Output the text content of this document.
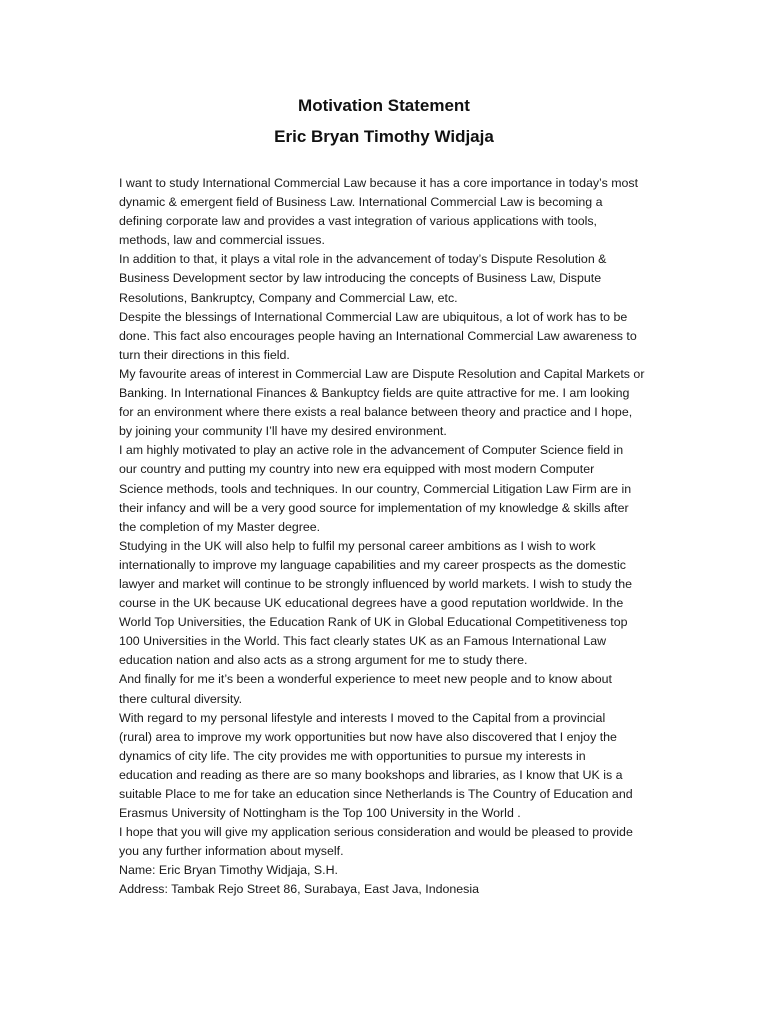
Motivation Statement
Eric Bryan Timothy Widjaja
I want to study International Commercial Law because it has a core importance in today’s most
dynamic & emergent field of Business Law. International Commercial Law is becoming a
defining corporate law and provides a vast integration of various applications with tools,
methods, law and commercial issues.
In addition to that, it plays a vital role in the advancement of today’s Dispute Resolution &
Business Development sector by law introducing the concepts of Business Law, Dispute
Resolutions, Bankruptcy, Company and Commercial Law, etc.
Despite the blessings of International Commercial Law are ubiquitous, a lot of work has to be
done. This fact also encourages people having an International Commercial Law awareness to
turn their directions in this field.
My favourite areas of interest in Commercial Law are Dispute Resolution and Capital Markets or
Banking. In International Finances & Bankuptcy fields are quite attractive for me. I am looking
for an environment where there exists a real balance between theory and practice and I hope,
by joining your community I’ll have my desired environment.
I am highly motivated to play an active role in the advancement of Computer Science field in
our country and putting my country into new era equipped with most modern Computer
Science methods, tools and techniques. In our country, Commercial Litigation Law Firm are in
their infancy and will be a very good source for implementation of my knowledge & skills after
the completion of my Master degree.
Studying in the UK will also help to fulfil my personal career ambitions as I wish to work
internationally to improve my language capabilities and my career prospects as the domestic
lawyer and market will continue to be strongly influenced by world markets. I wish to study the
course in the UK because UK educational degrees have a good reputation worldwide. In the
World Top Universities, the Education Rank of UK in Global Educational Competitiveness top
100 Universities in the World. This fact clearly states UK as an Famous International Law
education nation and also acts as a strong argument for me to study there.
And finally for me it’s been a wonderful experience to meet new people and to know about
there cultural diversity.
With regard to my personal lifestyle and interests I moved to the Capital from a provincial
(rural) area to improve my work opportunities but now have also discovered that I enjoy the
dynamics of city life. The city provides me with opportunities to pursue my interests in
education and reading as there are so many bookshops and libraries, as I know that UK is a
suitable Place to me for take an education since Netherlands is The Country of Education and
Erasmus University of Nottingham is the Top 100 University in the World .
I hope that you will give my application serious consideration and would be pleased to provide
you any further information about myself.
Name: Eric Bryan Timothy Widjaja, S.H.
Address: Tambak Rejo Street 86, Surabaya, East Java, Indonesia
